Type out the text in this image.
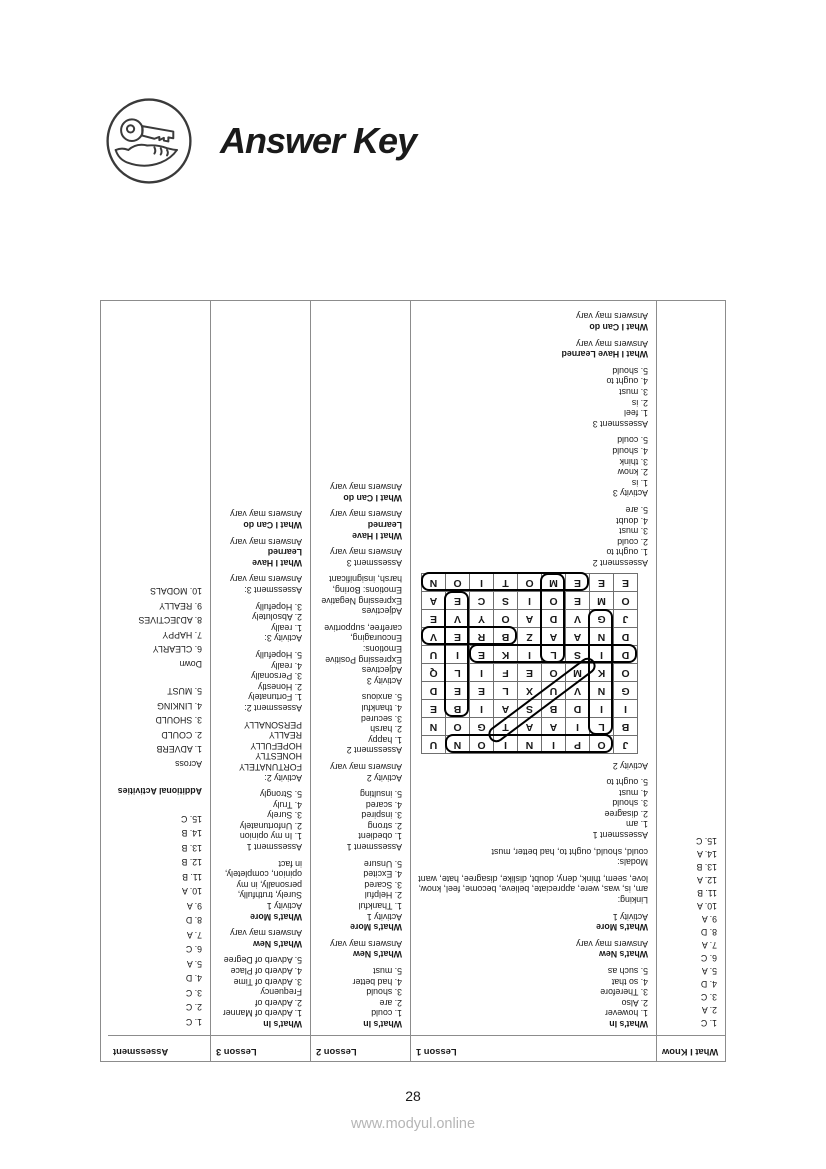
Answer Key
What I Know
1. C
2. A
3. C
4. D
5. A
6. C
7. A
8. D
9. A
10. A
11. B
12. A
13. B
14. A
15. C
Lesson 1
What's In
1. however
2. Also
3. Therefore
4. so that
5. such as
What's New
Answers may vary
What's More
Activity 1
Linking:
am, is, was, were, appreciate, believe, become, feel, know, love, seem, think, deny, doubt, dislike, disagree, hate, want
Modals:
could, should, ought to, had better, must
Assessment 1
1. am
2. disagree
3. should
4. must
5. ought to
Activity 2
J
O
P
I
N
I
O
N
U
B
L
I
A
A
T
G
O
N
I
I
D
B
S
A
I
B
E
G
N
V
U
X
L
E
E
D
O
K
M
O
E
F
I
L
Q
D
I
S
L
I
K
E
I
U
D
N
A
A
Z
B
R
E
V
J
G
V
D
A
O
Y
V
E
O
M
E
O
I
S
C
E
A
E
E
E
M
O
T
I
O
N
Assessment 2
1. ought to
2. could
3. must
4. doubt
5. are
Activity 3
1. is
2. know
3. think
4. should
5. could
Assessment 3
1. feel
2. is
3. must
4. ought to
5. should
What I Have Learned
Answers may vary
What I Can do
Answers may vary
Lesson 2
What's In
1. could
2. are
3. should
4. had better
5. must
What's New
Answers may vary
What's More
Activity 1
1. Thankful
2. Helpful
3. Scared
4. Excited
5. Unsure
Assessment 1
1. obedient
2. strong
3. inspired
4. scared
5. insulting
Activity 2
Answers may vary
Assessment 2
1. happy
2. harsh
3. secured
4. thankful
5. anxious
Activity 3
Adjectives Expressing Positive Emotions: Encouraging, carefree, supportive
Adjectives Expressing Negative Emotions: Boring, harsh, insignificant
Assessment 3
Answers may vary
What I Have Learned
Answers may vary
What I Can do
Answers may vary
Lesson 3
What's In
1. Adverb of Manner
2. Adverb of Frequency
3. Adverb of Time
4. Adverb of Place
5. Adverb of Degree
What's New
Answers may vary
What's More
Activity 1
Surely, truthfully, personally, in my opinion, completely, in fact
Assessment 1
1. In my opinion
2. Unfortunately
3. Surely
4. Truly
5. Strongly
Activity 2:
FORTUNATELY
HONESTLY
HOPEFULLY
REALLY
PERSONALLY
Assessment 2:
1. Fortunately
2. Honestly
3. Personally
4. really
5. Hopefully
Activity 3:
1. really
2. Absolutely
3. Hopefully
Assessment 3:
Answers may vary
What I Have Learned
Answers may vary
What I Can do
Answers may vary
Assessment
1. C
2. C
3. C
4. D
5. A
6. C
7. A
8. D
9. A
10. A
11. B
12. B
13. B
14. B
15. C
Additional Activities
Across
1. ADVERB
2. COULD
3. SHOULD
4. LINKING
5. MUST
Down
6. CLEARLY
7. HAPPY
8. ADJECTIVES
9. REALLY
10. MODALS
28
www.modyul.online
